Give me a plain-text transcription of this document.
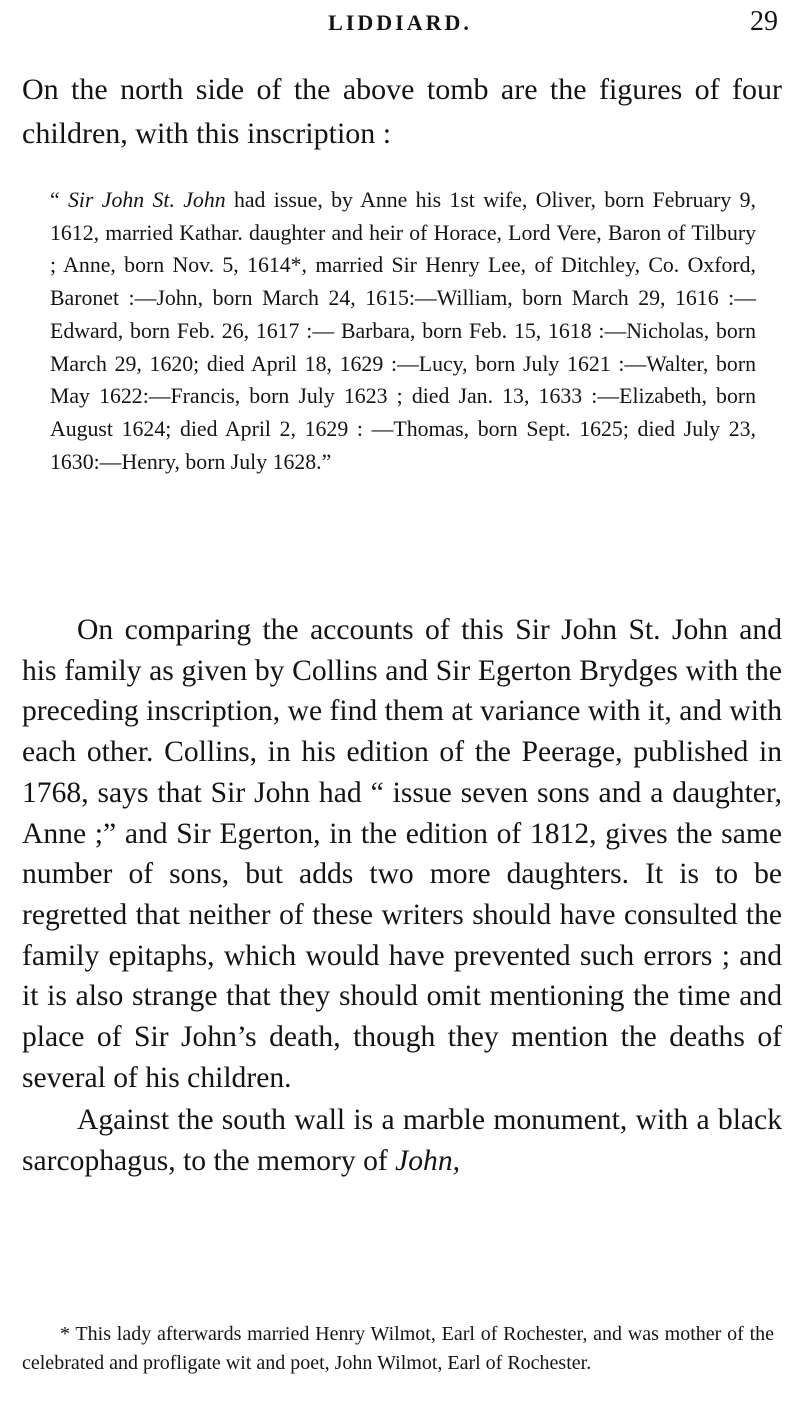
LIDDIARD.	29
On the north side of the above tomb are the figures of four children, with this inscription :
“ Sir John St. John had issue, by Anne his 1st wife, Oliver, born February 9, 1612, married Kathar. daughter and heir of Horace, Lord Vere, Baron of Tilbury ; Anne, born Nov. 5, 1614*, married Sir Henry Lee, of Ditchley, Co. Oxford, Baronet :—John, born March 24, 1615:—William, born March 29, 1616 :—Edward, born Feb. 26, 1617 :— Barbara, born Feb. 15, 1618 :—Nicholas, born March 29, 1620; died April 18, 1629 :—Lucy, born July 1621 :—Walter, born May 1622:—Francis, born July 1623 ; died Jan. 13, 1633 :—Elizabeth, born August 1624; died April 2, 1629 : —Thomas, born Sept. 1625; died July 23, 1630:—Henry, born July 1628.”

On comparing the accounts of this Sir John St. John and his family as given by Collins and Sir Egerton Brydges with the preceding inscription, we find them at variance with it, and with each other. Collins, in his edition of the Peerage, published in 1768, says that Sir John had “ issue seven sons and a daughter, Anne ;” and Sir Egerton, in the edition of 1812, gives the same number of sons, but adds two more daughters. It is to be regretted that neither of these writers should have consulted the family epitaphs, which would have prevented such errors ; and it is also strange that they should omit mentioning the time and place of Sir John’s death, though they mention the deaths of several of his children.

Against the south wall is a marble monument, with a black sarcophagus, to the memory of John,

* This lady afterwards married Henry Wilmot, Earl of Rochester, and was mother of the celebrated and profligate wit and poet, John Wilmot, Earl of Rochester.
